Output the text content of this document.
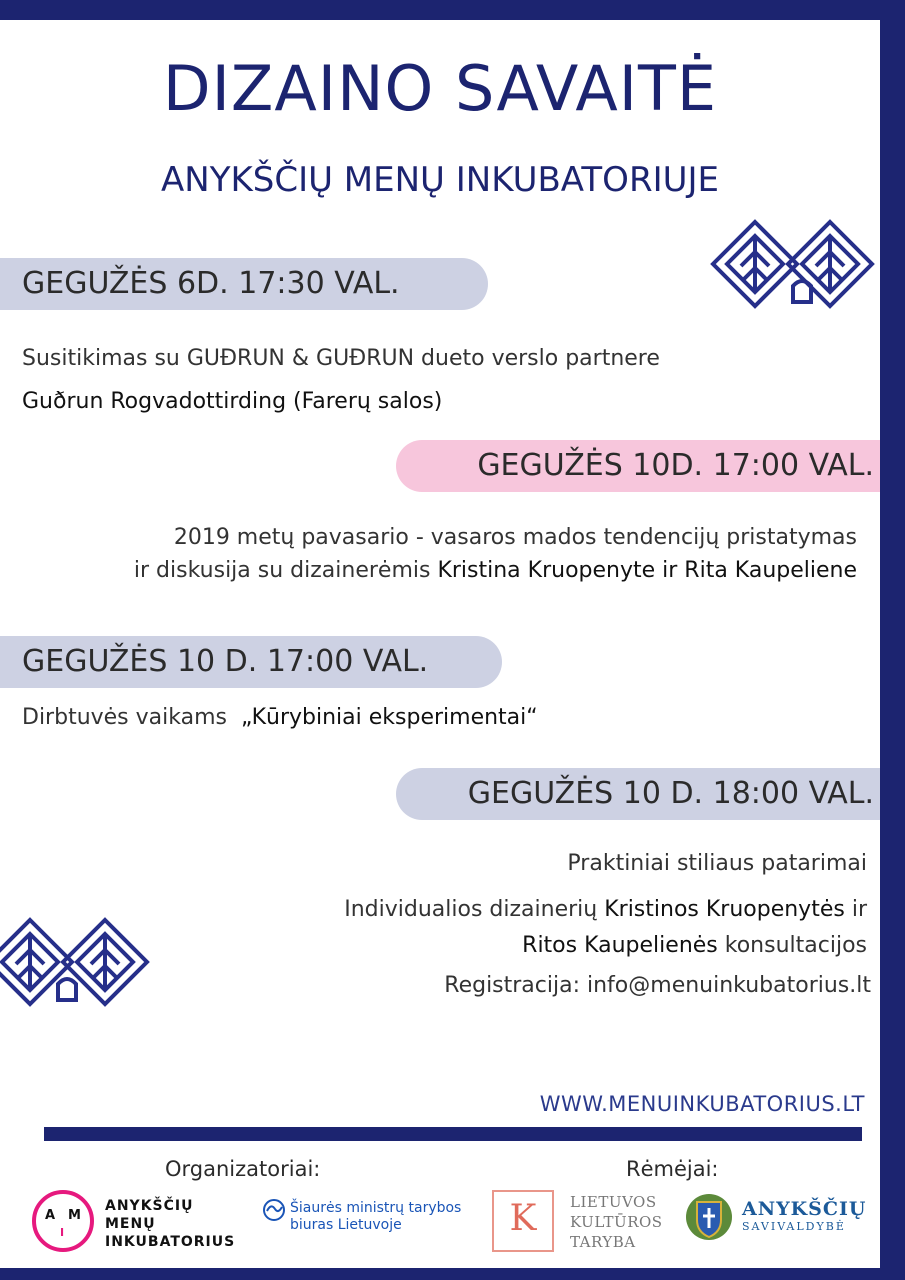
DIZAINO SAVAITĖ
ANYKŠČIŲ MENŲ INKUBATORIUJE
GEGUŽĖS 6D. 17:30 VAL.
Susitikimas su GUĐRUN & GUĐRUN dueto verslo partnere
Guðrun Rogvadottirding (Farerų salos)
GEGUŽĖS 10D. 17:00 VAL.
2019 metų pavasario - vasaros mados tendencijų pristatymas
ir diskusija su dizainerėmis Kristina Kruopenyte ir Rita Kaupeliene
GEGUŽĖS 10 D. 17:00 VAL.
Dirbtuvės vaikams „Kūrybiniai eksperimentai“
GEGUŽĖS 10 D. 18:00 VAL.
Praktiniai stiliaus patarimai
Individualios dizainerių Kristinos Kruopenytės ir
Ritos Kaupelienės konsultacijos
Registracija: info@menuinkubatorius.lt
WWW.MENUINKUBATORIUS.LT
Organizatoriai:	Rėmėjai:
A M
I
ANYKŠČIŲ
MENŲ
INKUBATORIUS
Šiaurės ministrų tarybos
biuras Lietuvoje	K	LIETUVOS
KULTŪROS
TARYBA
ANYKŠČIŲ
SAVIVALDYBĖ
